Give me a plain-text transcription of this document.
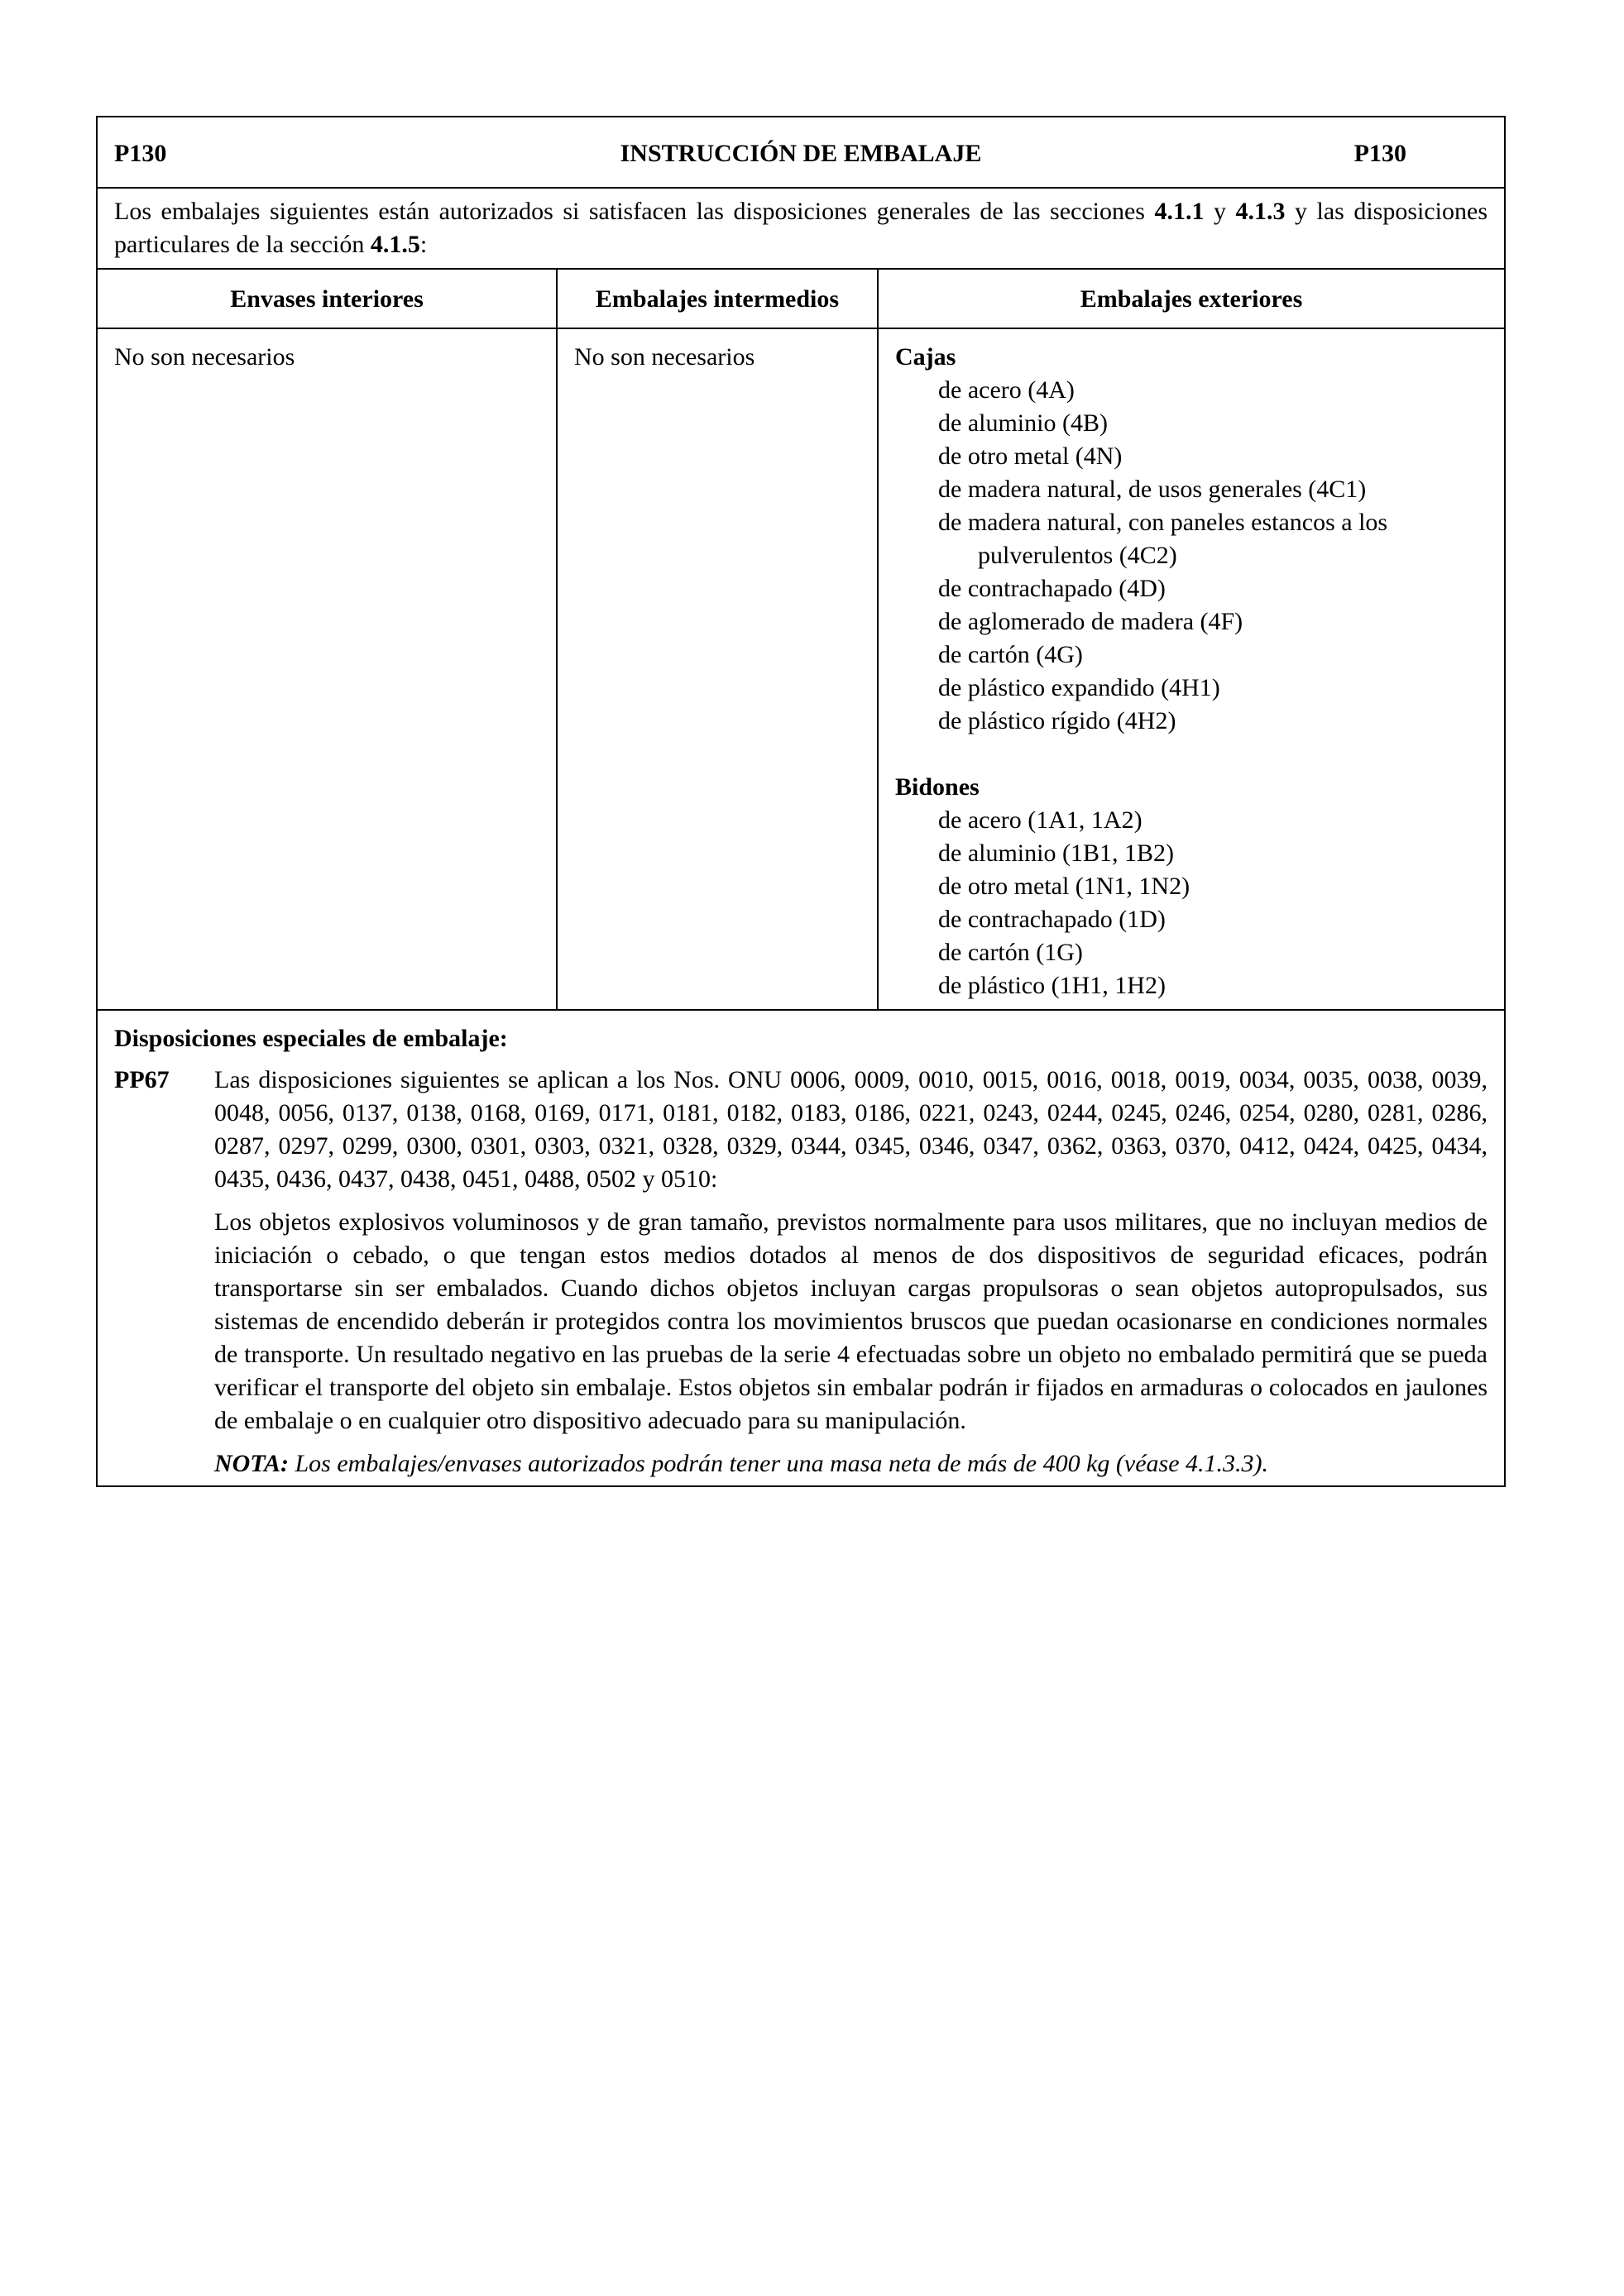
P130	INSTRUCCIÓN DE EMBALAJE	P130
Los embalajes siguientes están autorizados si satisfacen las disposiciones generales de las secciones 4.1.1 y 4.1.3 y las disposiciones particulares de la sección 4.1.5:
Envases interiores	Embalajes intermedios	Embalajes exteriores
No son necesarios	No son necesarios	Cajas
de acero (4A)
de aluminio (4B)
de otro metal (4N)
de madera natural, de usos generales (4C1)
de madera natural, con paneles estancos a los
pulverulentos (4C2)
de contrachapado (4D)
de aglomerado de madera (4F)
de cartón (4G)
de plástico expandido (4H1)
de plástico rígido (4H2)
Bidones
de acero (1A1, 1A2)
de aluminio (1B1, 1B2)
de otro metal (1N1, 1N2)
de contrachapado (1D)
de cartón (1G)
de plástico (1H1, 1H2)
Disposiciones especiales de embalaje:
PP67	Las disposiciones siguientes se aplican a los Nos. ONU 0006, 0009, 0010, 0015, 0016, 0018, 0019, 0034, 0035, 0038, 0039, 0048, 0056, 0137, 0138, 0168, 0169, 0171, 0181, 0182, 0183, 0186, 0221, 0243, 0244, 0245, 0246, 0254, 0280, 0281, 0286, 0287, 0297, 0299, 0300, 0301, 0303, 0321, 0328, 0329, 0344, 0345, 0346, 0347, 0362, 0363, 0370, 0412, 0424, 0425, 0434, 0435, 0436, 0437, 0438, 0451, 0488, 0502 y 0510:

Los objetos explosivos voluminosos y de gran tamaño, previstos normalmente para usos militares, que no incluyan medios de iniciación o cebado, o que tengan estos medios dotados al menos de dos dispositivos de seguridad eficaces, podrán transportarse sin ser embalados. Cuando dichos objetos incluyan cargas propulsoras o sean objetos autopropulsados, sus sistemas de encendido deberán ir protegidos contra los movimientos bruscos que puedan ocasionarse en condiciones normales de transporte. Un resultado negativo en las pruebas de la serie 4 efectuadas sobre un objeto no embalado permitirá que se pueda verificar el transporte del objeto sin embalaje. Estos objetos sin embalar podrán ir fijados en armaduras o colocados en jaulones de embalaje o en cualquier otro dispositivo adecuado para su manipulación.

NOTA: Los embalajes/envases autorizados podrán tener una masa neta de más de 400 kg (véase 4.1.3.3).
